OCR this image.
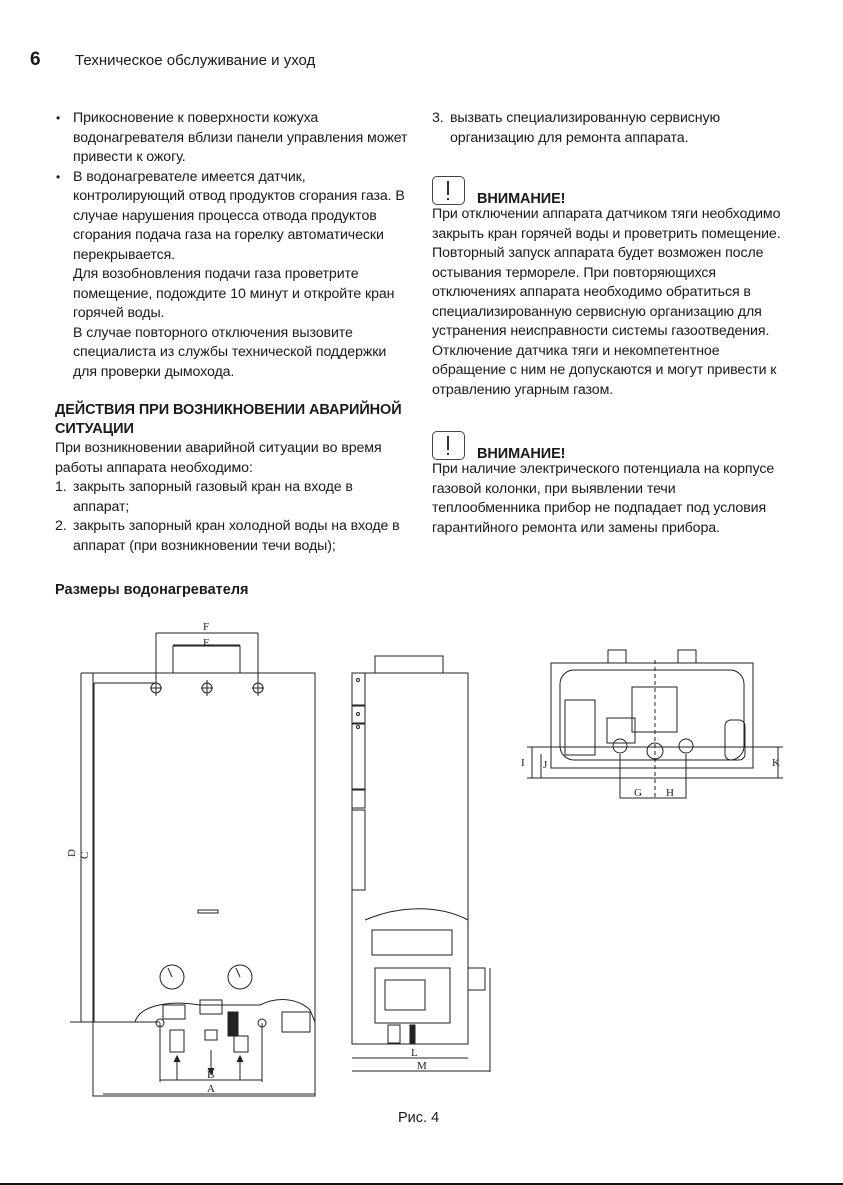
6 Техническое обслуживание и уход
• Прикосновение к поверхности кожуха водонагревателя вблизи панели управления может привести к ожогу.
• В водонагревателе имеется датчик, контролирующий отвод продуктов сгорания газа. В случае нарушения процесса отвода продуктов сгорания подача газа на горелку автоматически перекрывается.
Для возобновления подачи газа проветрите помещение, подождите 10 минут и откройте кран горячей воды.
В случае повторного отключения вызовите специалиста из службы технической поддержки для проверки дымохода.
ДЕЙСТВИЯ ПРИ ВОЗНИКНОВЕНИИ АВАРИЙНОЙ СИТУАЦИИ
При возникновении аварийной ситуации во время работы аппарата необходимо:
1. закрыть запорный газовый кран на входе в аппарат;
2. закрыть запорный кран холодной воды на входе в аппарат (при возникновении течи воды);
3. вызвать специализированную сервисную организацию для ремонта аппарата.
ВНИМАНИЕ!
При отключении аппарата датчиком тяги необходимо закрыть кран горячей воды и проветрить помещение. Повторный запуск аппарата будет возможен после остывания термореле. При повторяющихся отключениях аппарата необходимо обратиться в специализированную сервисную организацию для устранения неисправности системы газоотведения. Отключение датчика тяги и некомпетентное обращение с ним не допускаются и могут привести к отравлению угарным газом.
ВНИМАНИЕ!
При наличие электрического потенциала на корпусе газовой колонки, при выявлении течи теплообменника прибор не подпадает под условия гарантийного ремонта или замены прибора.
Размеры водонагревателя
F
E
D C
B
A
L
M
I J	K
G H
Рис. 4
